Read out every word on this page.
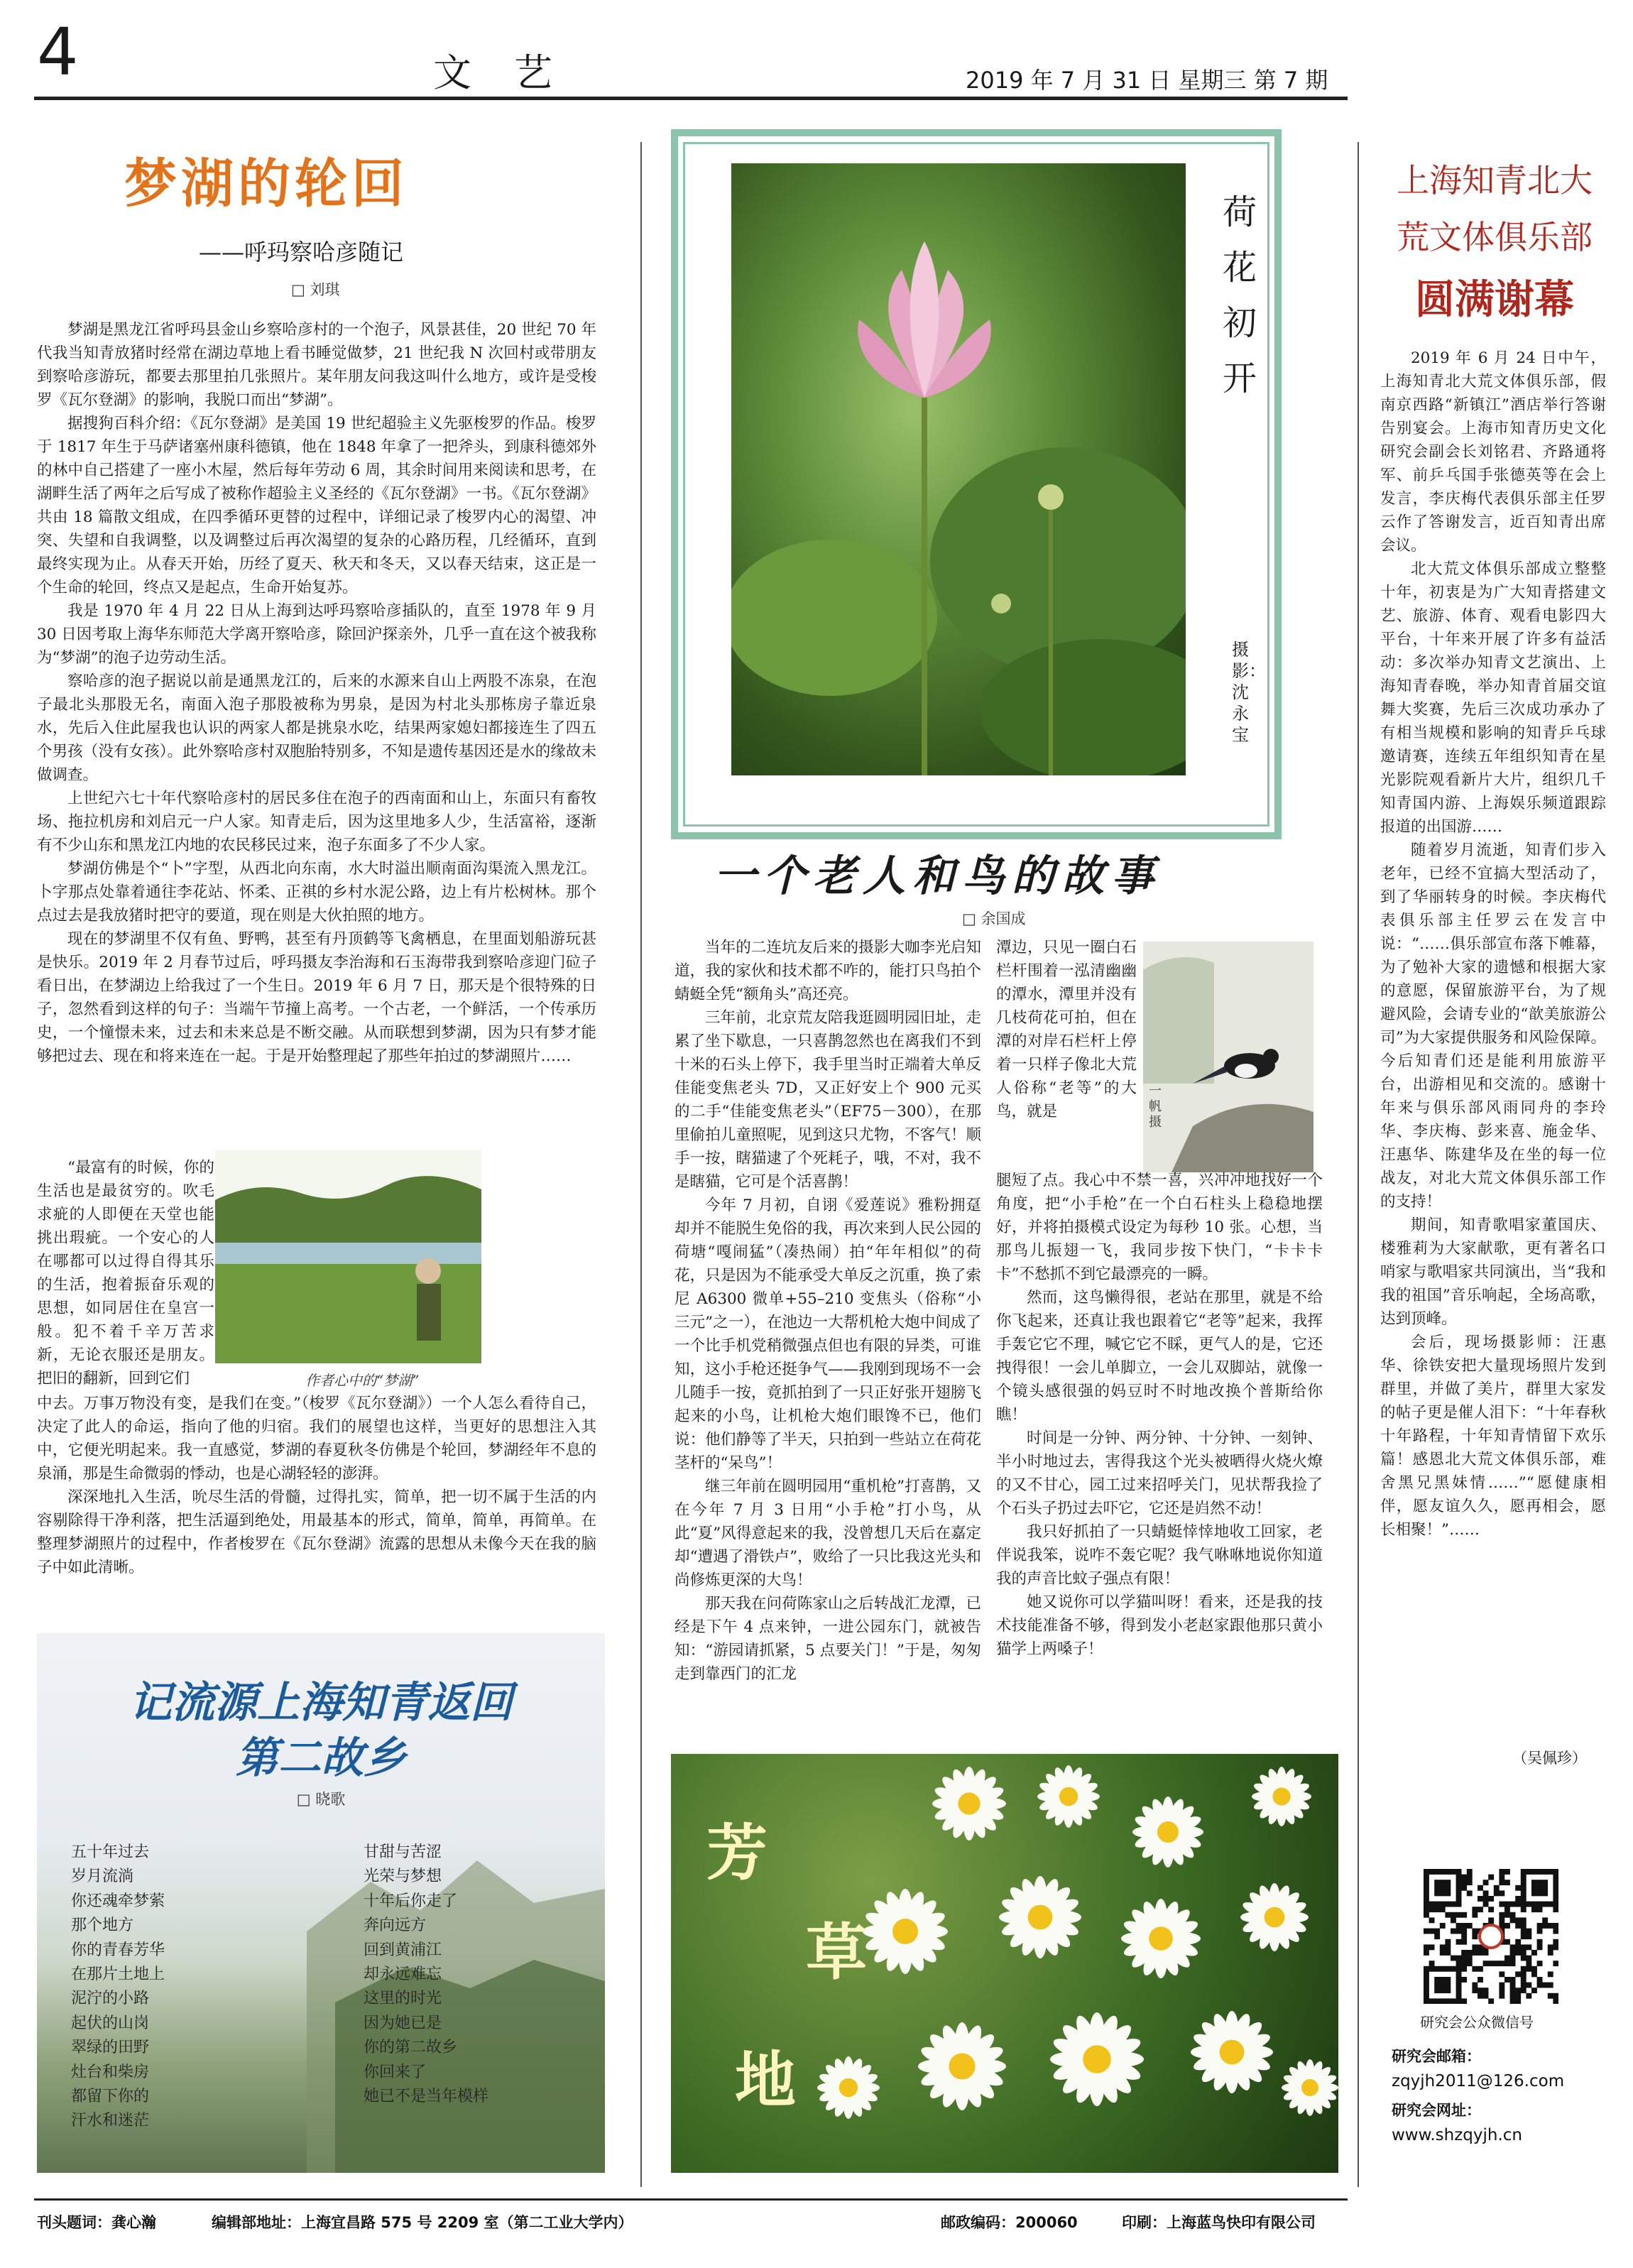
4	文艺	2019 年 7 月 31 日 星期三 第 7 期
梦湖的轮回
——呼玛察哈彦随记
□ 刘琪

梦湖是黑龙江省呼玛县金山乡察哈彦村的一个泡子，风景甚佳，20 世纪 70 年代我当知青放猪时经常在湖边草地上看书睡觉做梦，21 世纪我 N 次回村或带朋友到察哈彦游玩，都要去那里拍几张照片。某年朋友问我这叫什么地方，或许是受梭罗《瓦尔登湖》的影响，我脱口而出“梦湖”。

据搜狗百科介绍：《瓦尔登湖》是美国 19 世纪超验主义先驱梭罗的作品。梭罗于 1817 年生于马萨诸塞州康科德镇，他在 1848 年拿了一把斧头，到康科德郊外的林中自己搭建了一座小木屋，然后每年劳动 6 周，其余时间用来阅读和思考，在湖畔生活了两年之后写成了被称作超验主义圣经的《瓦尔登湖》一书。《瓦尔登湖》共由 18 篇散文组成，在四季循环更替的过程中，详细记录了梭罗内心的渴望、冲突、失望和自我调整，以及调整过后再次渴望的复杂的心路历程，几经循环，直到最终实现为止。从春天开始，历经了夏天、秋天和冬天，又以春天结束，这正是一个生命的轮回，终点又是起点，生命开始复苏。

我是 1970 年 4 月 22 日从上海到达呼玛察哈彦插队的，直至 1978 年 9 月 30 日因考取上海华东师范大学离开察哈彦，除回沪探亲外，几乎一直在这个被我称为“梦湖”的泡子边劳动生活。

察哈彦的泡子据说以前是通黑龙江的，后来的水源来自山上两股不冻泉，在泡子最北头那股无名，南面入泡子那股被称为男泉，是因为村北头那栋房子靠近泉水，先后入住此屋我也认识的两家人都是挑泉水吃，结果两家媳妇都接连生了四五个男孩（没有女孩）。此外察哈彦村双胞胎特别多，不知是遗传基因还是水的缘故未做调查。

上世纪六七十年代察哈彦村的居民多住在泡子的西南面和山上，东面只有畜牧场、拖拉机房和刘启元一户人家。知青走后，因为这里地多人少，生活富裕，逐渐有不少山东和黑龙江内地的农民移民过来，泡子东面多了不少人家。

梦湖仿佛是个“卜”字型，从西北向东南，水大时溢出顺南面沟渠流入黑龙江。卜字那点处靠着通往李花站、怀柔、正祺的乡村水泥公路，边上有片松树林。那个点过去是我放猪时把守的要道，现在则是大伙拍照的地方。

现在的梦湖里不仅有鱼、野鸭，甚至有丹顶鹤等飞禽栖息，在里面划船游玩甚是快乐。2019 年 2 月春节过后，呼玛摄友李治海和石玉海带我到察哈彦迎门砬子看日出，在梦湖边上给我过了一个生日。2019 年 6 月 7 日，那天是个很特殊的日子，忽然看到这样的句子：当端午节撞上高考。一个古老，一个鲜活，一个传承历史，一个憧憬未来，过去和未来总是不断交融。从而联想到梦湖，因为只有梦才能够把过去、现在和将来连在一起。于是开始整理起了那些年拍过的梦湖照片……

“最富有的时候，你的生活也是最贫穷的。吹毛求疵的人即便在天堂也能挑出瑕疵。一个安心的人在哪都可以过得自得其乐的生活，抱着振奋乐观的思想，如同居住在皇宫一般。犯不着千辛万苦求新，无论衣服还是朋友。把旧的翻新，回到它们	作者心中的“梦湖”

中去。万事万物没有变，是我们在变。”（梭罗《瓦尔登湖》）一个人怎么看待自己，决定了此人的命运，指向了他的归宿。我们的展望也这样，当更好的思想注入其中，它便光明起来。我一直感觉，梦湖的春夏秋冬仿佛是个轮回，梦湖经年不息的泉涌，那是生命微弱的悸动，也是心湖轻轻的澎湃。

深深地扎入生活，吮尽生活的骨髓，过得扎实，简单，把一切不属于生活的内容剔除得干净利落，把生活逼到绝处，用最基本的形式，简单，简单，再简单。在整理梦湖照片的过程中，作者梭罗在《瓦尔登湖》流露的思想从未像今天在我的脑子中如此清晰。

记流源上海知青返回
第二故乡
□ 晓歌
五十年过去
岁月流淌
你还魂牵梦萦
那个地方
你的青春芳华
在那片土地上
泥泞的小路
起伏的山岗
翠绿的田野
灶台和柴房
都留下你的
汗水和迷茫
甘甜与苦涩
光荣与梦想
十年后你走了
奔向远方
回到黄浦江
却永远难忘
这里的时光
因为她已是
你的第二故乡
你回来了
她已不是当年模样
荷花初开
摄影：沈永宝
一个老人和鸟的故事
□ 余国成

当年的二连坑友后来的摄影大咖李光启知道，我的家伙和技术都不咋的，能打只鸟拍个蜻蜓全凭“额角头”高还亮。

三年前，北京荒友陪我逛圆明园旧址，走累了坐下歇息，一只喜鹊忽然也在离我们不到十米的石头上停下，我手里当时正端着大单反佳能变焦老头 7D，又正好安上个 900 元买的二手“佳能变焦老头”（EF75－300），在那里偷拍儿童照呢，见到这只尤物，不客气！顺手一按，瞎猫逮了个死耗子，哦，不对，我不是瞎猫，它可是个活喜鹊！

今年 7 月初，自诩《爱莲说》雅粉拥趸却并不能脱生免俗的我，再次来到人民公园的荷塘“嘎闹猛”（凑热闹）拍“年年相似”的荷花，只是因为不能承受大单反之沉重，换了索尼 A6300 微单+55–210 变焦头（俗称“小三元”之一），在池边一大帮机枪大炮中间成了一个比手机党稍微强点但也有限的异类，可谁知，这小手枪还挺争气——我刚到现场不一会儿随手一按，竟抓拍到了一只正好张开翅膀飞起来的小鸟，让机枪大炮们眼馋不已，他们说：他们静等了半天，只拍到一些站立在荷花茎杆的“呆鸟”！

继三年前在圆明园用“重机枪”打喜鹊，又在今年 7 月 3 日用“小手枪”打小鸟，从此“夏”风得意起来的我，没曾想几天后在嘉定却“遭遇了滑铁卢”，败给了一只比我这光头和尚修炼更深的大鸟！

那天我在问荷陈家山之后转战汇龙潭，已经是下午 4 点来钟，一进公园东门，就被告知：“游园请抓紧，5 点要关门！”于是，匆匆走到靠西门的汇龙

潭边，只见一圈白石栏杆围着一泓清幽幽的潭水，潭里并没有几枝荷花可拍，但在潭的对岸石栏杆上停着一只样子像北大荒人俗称“老等”的大鸟，就是

一帆摄

腿短了点。我心中不禁一喜，兴冲冲地找好一个角度，把“小手枪”在一个白石柱头上稳稳地摆好，并将拍摄模式设定为每秒 10 张。心想，当那鸟儿振翅一飞，我同步按下快门，“卡卡卡卡”不愁抓不到它最漂亮的一瞬。

然而，这鸟懒得很，老站在那里，就是不给你飞起来，还真让我也跟着它“老等”起来，我挥手轰它它不理，喊它它不睬，更气人的是，它还拽得很！一会儿单脚立，一会儿双脚站，就像一个镜头感很强的妈豆时不时地改换个普斯给你瞧！

时间是一分钟、两分钟、十分钟、一刻钟、半小时地过去，害得我这个光头被晒得火烧火燎的又不甘心，园工过来招呼关门，见状帮我捡了个石头子扔过去吓它，它还是岿然不动！

我只好抓拍了一只蜻蜓悻悻地收工回家，老伴说我笨，说咋不轰它呢？我气咻咻地说你知道我的声音比蚊子强点有限！

她又说你可以学猫叫呀！看来，还是我的技术技能准备不够，得到发小老赵家跟他那只黄小猫学上两嗓子！

芳
草
地
上海知青北大
荒文体俱乐部
圆满谢幕

2019 年 6 月 24 日中午，上海知青北大荒文体俱乐部，假南京西路“新镇江”酒店举行答谢告别宴会。上海市知青历史文化研究会副会长刘铭君、齐路通将军、前乒乓国手张德英等在会上发言，李庆梅代表俱乐部主任罗云作了答谢发言，近百知青出席会议。

北大荒文体俱乐部成立整整十年，初衷是为广大知青搭建文艺、旅游、体育、观看电影四大平台，十年来开展了许多有益活动：多次举办知青文艺演出、上海知青春晚，举办知青首届交谊舞大奖赛，先后三次成功承办了有相当规模和影响的知青乒乓球邀请赛，连续五年组织知青在星光影院观看新片大片，组织几千知青国内游、上海娱乐频道跟踪报道的出国游……

随着岁月流逝，知青们步入老年，已经不宜搞大型活动了，到了华丽转身的时候。李庆梅代表俱乐部主任罗云在发言中说：“……俱乐部宣布落下帷幕，为了勉补大家的遗憾和根据大家的意愿，保留旅游平台，为了规避风险，会请专业的“歆美旅游公司”为大家提供服务和风险保障。今后知青们还是能利用旅游平台，出游相见和交流的。感谢十年来与俱乐部风雨同舟的李玲华、李庆梅、彭来喜、施金华、汪惠华、陈建华及在坐的每一位战友，对北大荒文体俱乐部工作的支持！

期间，知青歌唱家董国庆、楼雅莉为大家献歌，更有著名口哨家与歌唱家共同演出，当“我和我的祖国”音乐响起，全场高歌，达到顶峰。

会后，现场摄影师：汪惠华、徐铁安把大量现场照片发到群里，并做了美片，群里大家发的帖子更是催人泪下：“十年春秋十年路程，十年知青情留下欢乐篇！感恩北大荒文体俱乐部，难舍黑兄黑妹情……”“愿健康相伴，愿友谊久久，愿再相会，愿长相聚！”……

（吴佩珍）
研究会公众微信号
研究会邮箱：
zqyjh2011@126.com
研究会网址：
www.shzqyjh.cn
刊头题词：龚心瀚	编辑部地址：上海宜昌路 575 号 2209 室（第二工业大学内）	邮政编码：200060	印刷：上海蓝鸟快印有限公司
